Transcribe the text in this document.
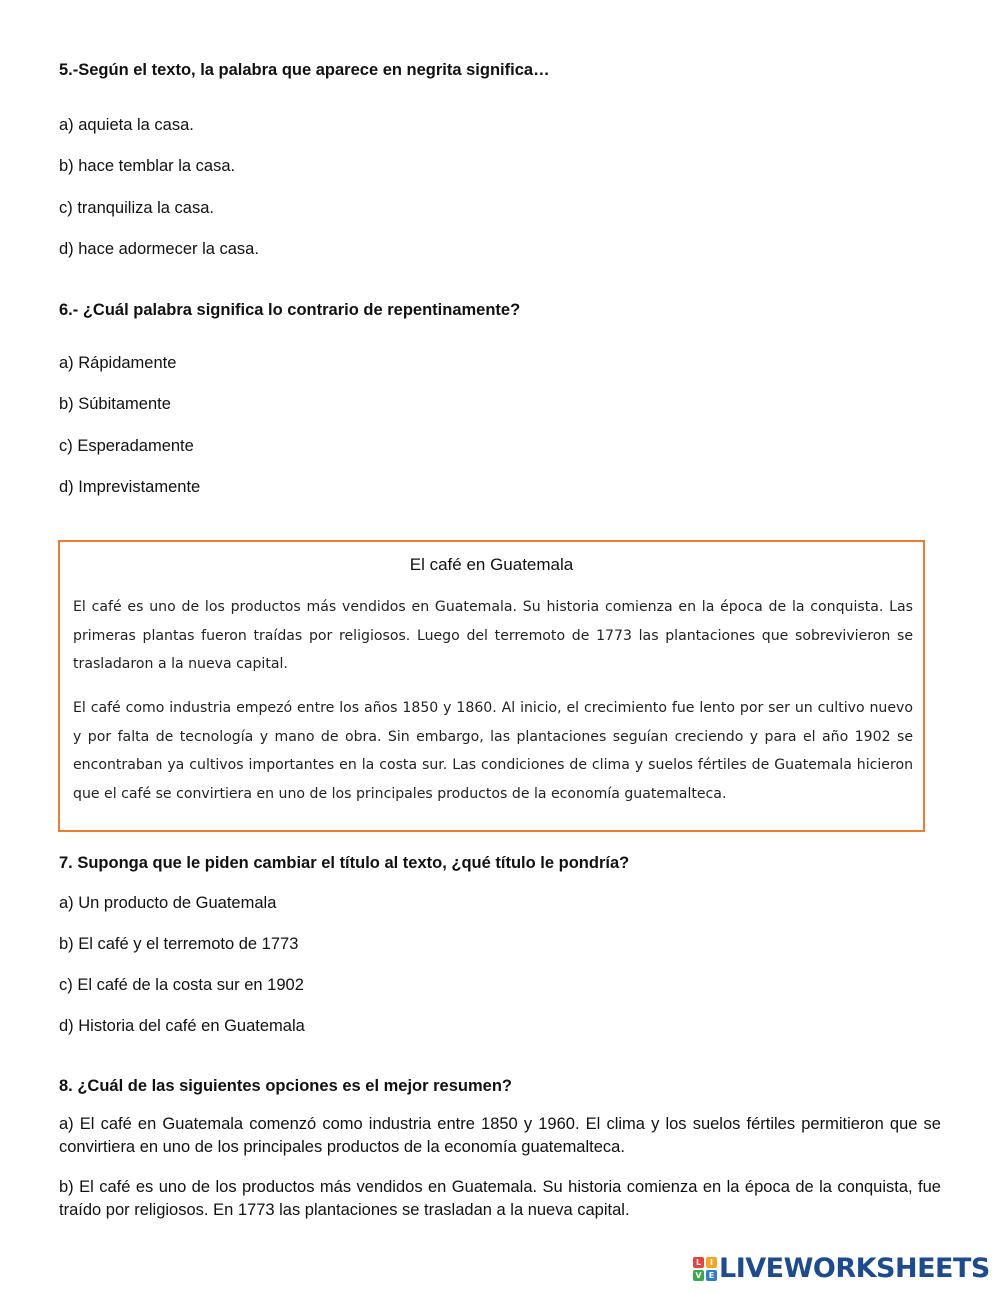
5.-Según el texto, la palabra que aparece en negrita significa…
a) aquieta la casa.
b) hace temblar la casa.
c) tranquiliza la casa.
d) hace adormecer la casa.
6.- ¿Cuál palabra significa lo contrario de repentinamente?
a) Rápidamente
b) Súbitamente
c) Esperadamente
d) Imprevistamente
El café en Guatemala
El café es uno de los productos más vendidos en Guatemala. Su historia comienza en la época de la conquista. Las primeras plantas fueron traídas por religiosos. Luego del terremoto de 1773 las plantaciones que sobrevivieron se trasladaron a la nueva capital.
El café como industria empezó entre los años 1850 y 1860. Al inicio, el crecimiento fue lento por ser un cultivo nuevo y por falta de tecnología y mano de obra. Sin embargo, las plantaciones seguían creciendo y para el año 1902 se encontraban ya cultivos importantes en la costa sur. Las condiciones de clima y suelos fértiles de Guatemala hicieron que el café se convirtiera en uno de los principales productos de la economía guatemalteca.
7. Suponga que le piden cambiar el título al texto, ¿qué título le pondría?
a) Un producto de Guatemala
b) El café y el terremoto de 1773
c) El café de la costa sur en 1902
d) Historia del café en Guatemala
8. ¿Cuál de las siguientes opciones es el mejor resumen?
a) El café en Guatemala comenzó como industria entre 1850 y 1960. El clima y los suelos fértiles permitieron que se convirtiera en uno de los principales productos de la economía guatemalteca.
b) El café es uno de los productos más vendidos en Guatemala. Su historia comienza en la época de la conquista, fue traído por religiosos. En 1773 las plantaciones se trasladan a la nueva capital.
L	I
V E LIVEWORKSHEETS
